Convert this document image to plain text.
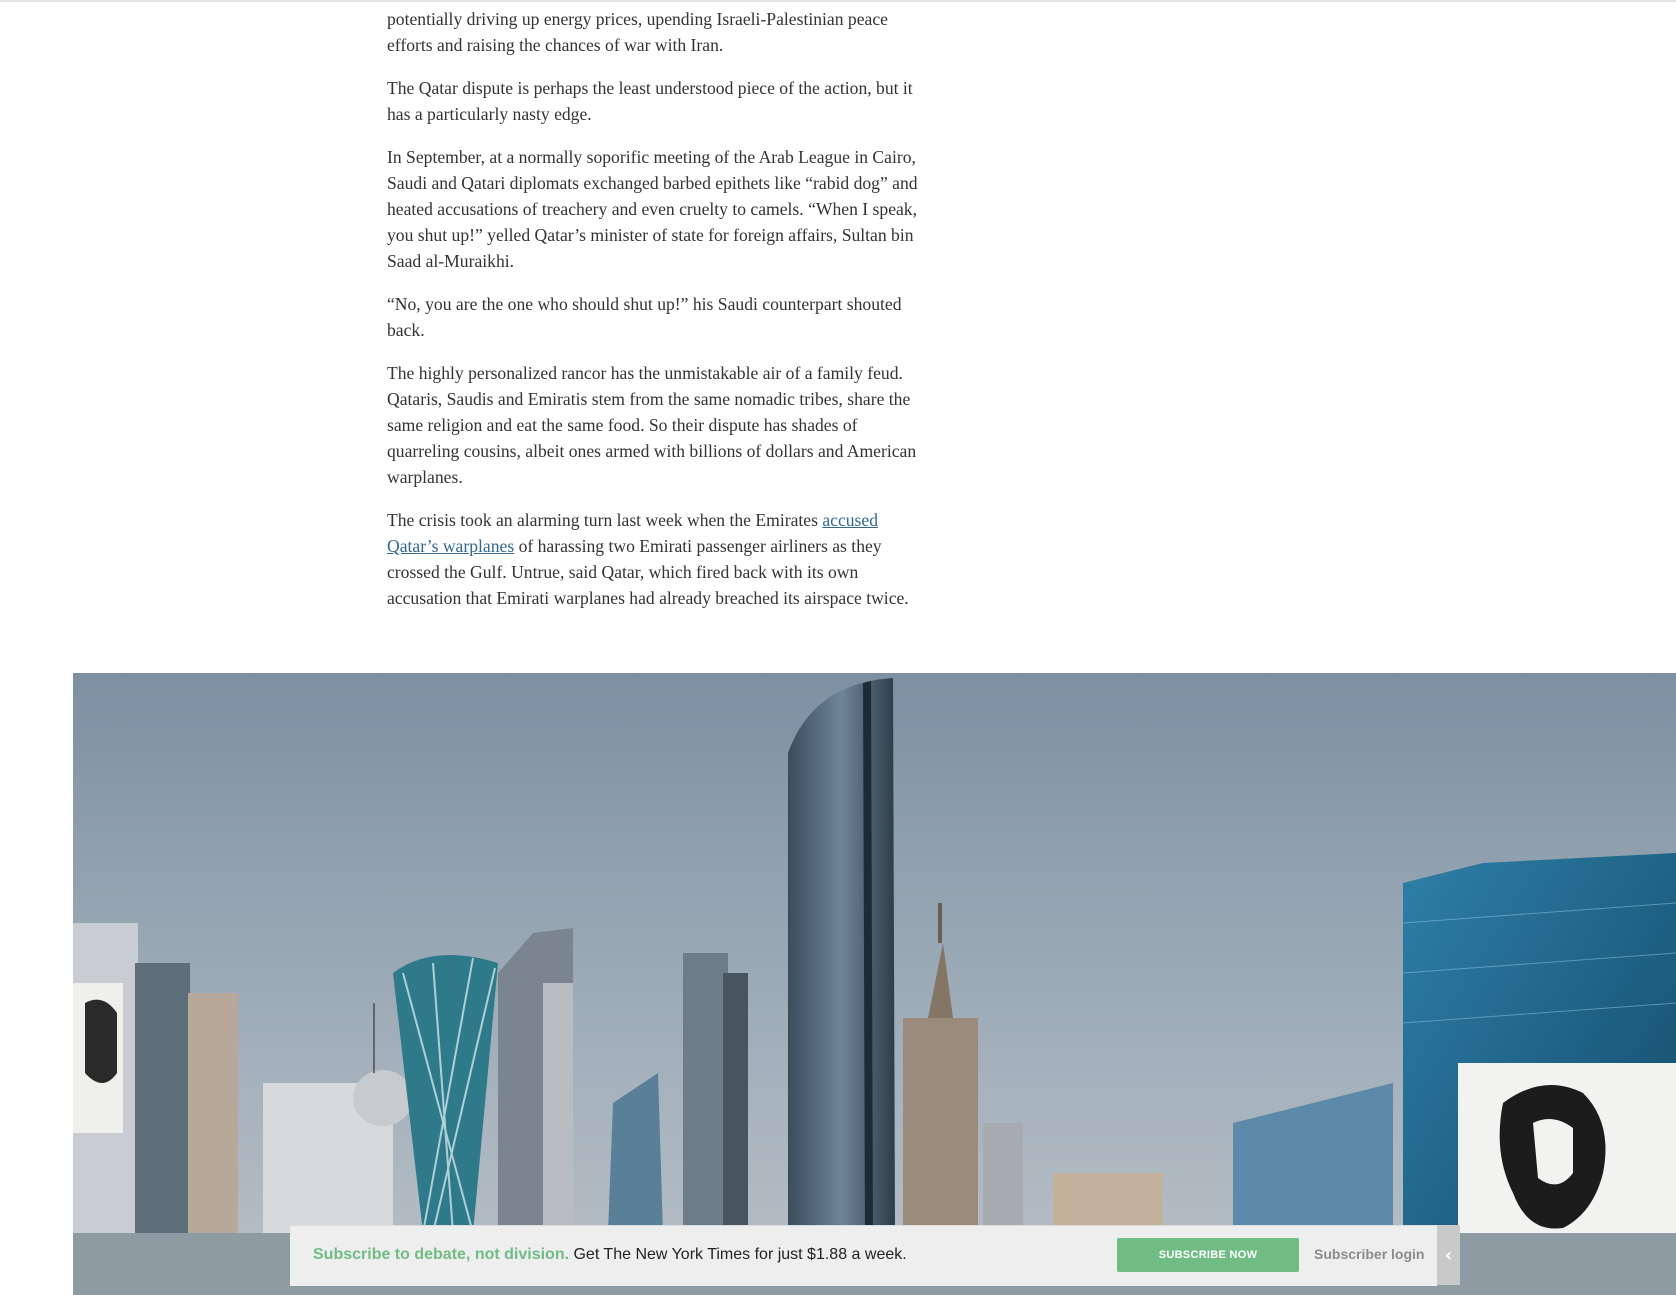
potentially driving up energy prices, upending Israeli-Palestinian peace
efforts and raising the chances of war with Iran.

The Qatar dispute is perhaps the least understood piece of the action, but it
has a particularly nasty edge.

In September, at a normally soporific meeting of the Arab League in Cairo,
Saudi and Qatari diplomats exchanged barbed epithets like “rabid dog” and
heated accusations of treachery and even cruelty to camels. “When I speak,
you shut up!” yelled Qatar’s minister of state for foreign affairs, Sultan bin
Saad al-Muraikhi.

“No, you are the one who should shut up!” his Saudi counterpart shouted
back.

The highly personalized rancor has the unmistakable air of a family feud.
Qataris, Saudis and Emiratis stem from the same nomadic tribes, share the
same religion and eat the same food. So their dispute has shades of
quarreling cousins, albeit ones armed with billions of dollars and American
warplanes.

The crisis took an alarming turn last week when the Emirates accused
Qatar’s warplanes of harassing two Emirati passenger airliners as they
crossed the Gulf. Untrue, said Qatar, which fired back with its own
accusation that Emirati warplanes had already breached its airspace twice.

Subscribe to debate, not division. Get The New York Times for just $1.88 a week.	SUBSCRIBE NOW	Subscriber login	‹
